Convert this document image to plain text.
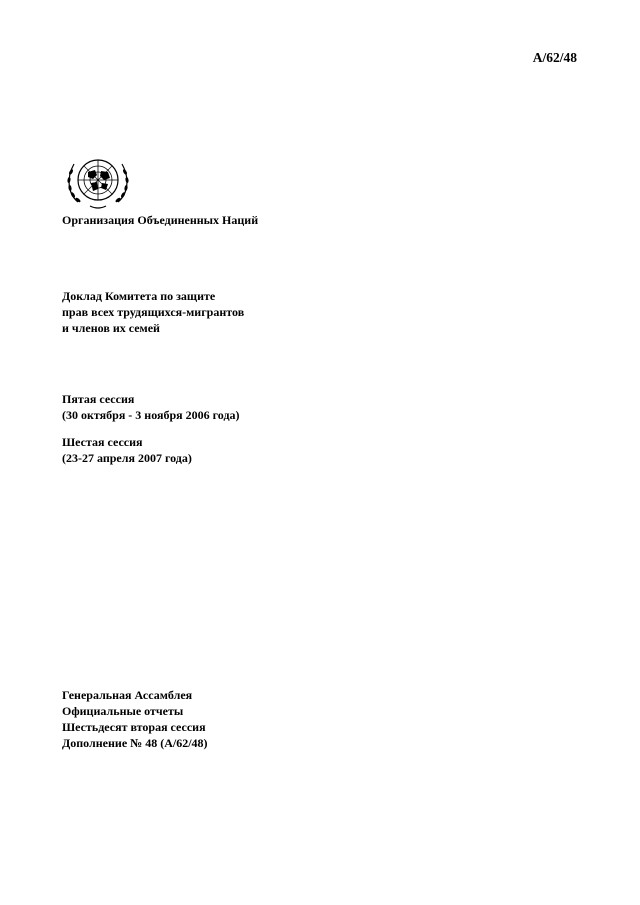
A/62/48
Организация Объединенных Наций
Доклад Комитета по защите
прав всех трудящихся-мигрантов
и членов их семей
Пятая сессия
(30 октября - 3 ноября 2006 года)
Шестая сессия
(23-27 апреля 2007 года)
Генеральная Ассамблея
Официальные отчеты
Шестьдесят вторая сессия
Дополнение № 48 (A/62/48)
